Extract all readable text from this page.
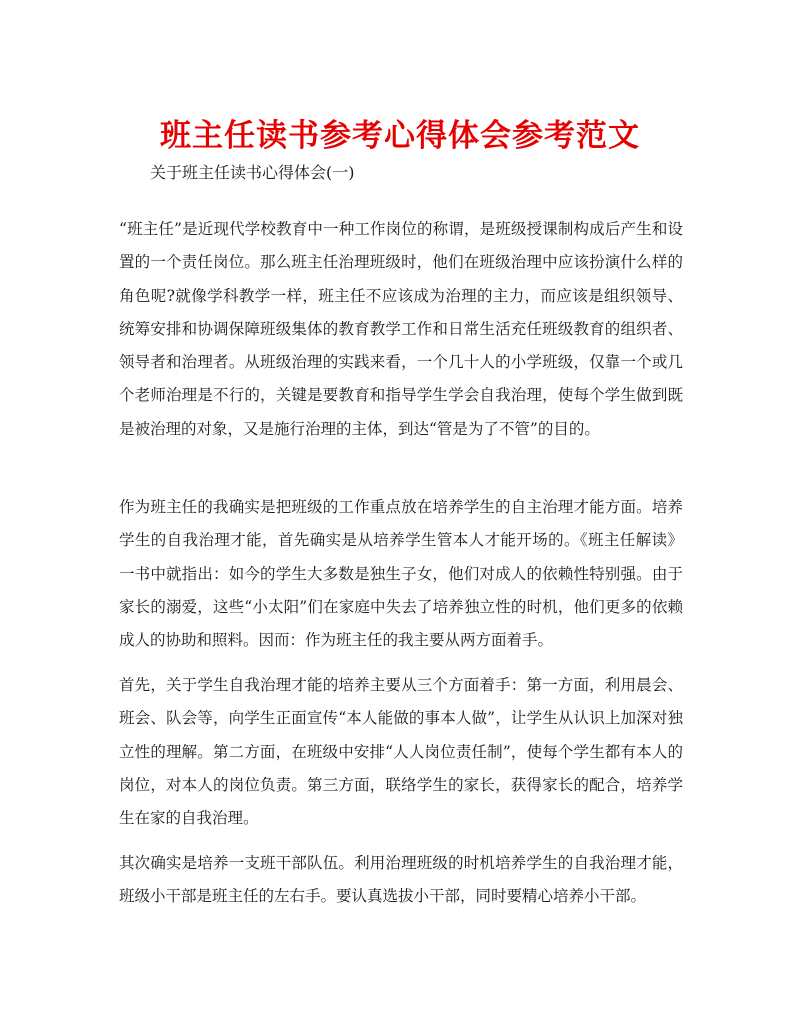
班主任读书参考心得体会参考范文

关于班主任读书心得体会(一)

“班主任”是近现代学校教育中一种工作岗位的称谓，是班级授课制构成后产生和设置的一个责任岗位。那么班主任治理班级时，他们在班级治理中应该扮演什么样的角色呢?就像学科教学一样，班主任不应该成为治理的主力，而应该是组织领导、统筹安排和协调保障班级集体的教育教学工作和日常生活充任班级教育的组织者、领导者和治理者。从班级治理的实践来看，一个几十人的小学班级，仅靠一个或几个老师治理是不行的，关键是要教育和指导学生学会自我治理，使每个学生做到既是被治理的对象，又是施行治理的主体，到达“管是为了不管”的目的。

作为班主任的我确实是把班级的工作重点放在培养学生的自主治理才能方面。培养学生的自我治理才能，首先确实是从培养学生管本人才能开场的。《班主任解读》一书中就指出：如今的学生大多数是独生子女，他们对成人的依赖性特别强。由于家长的溺爱，这些“小太阳”们在家庭中失去了培养独立性的时机，他们更多的依赖成人的协助和照料。因而：作为班主任的我主要从两方面着手。

首先，关于学生自我治理才能的培养主要从三个方面着手：第一方面，利用晨会、班会、队会等，向学生正面宣传“本人能做的事本人做”，让学生从认识上加深对独立性的理解。第二方面，在班级中安排“人人岗位责任制”，使每个学生都有本人的岗位，对本人的岗位负责。第三方面，联络学生的家长，获得家长的配合，培养学生在家的自我治理。

其次确实是培养一支班干部队伍。利用治理班级的时机培养学生的自我治理才能，班级小干部是班主任的左右手。要认真选拔小干部，同时要精心培养小干部。
